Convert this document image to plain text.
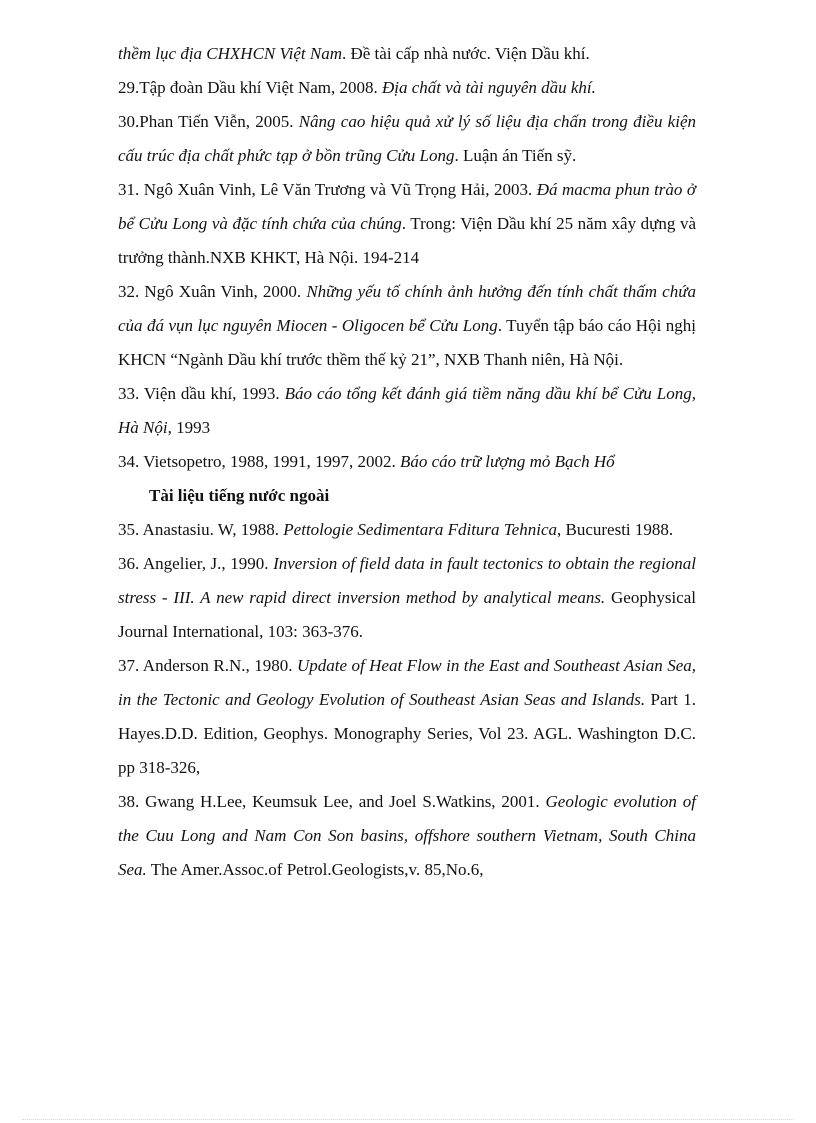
thềm lục địa CHXHCN Việt Nam. Đề tài cấp nhà nước. Viện Dầu khí.

29.Tập đoàn Dầu khí Việt Nam, 2008. Địa chất và tài nguyên dầu khí.

30.Phan Tiến Viễn, 2005. Nâng cao hiệu quả xử lý số liệu địa chấn trong điều kiện cấu trúc địa chất phức tạp ở bồn trũng Cửu Long. Luận án Tiến sỹ.

31. Ngô Xuân Vinh, Lê Văn Trương và Vũ Trọng Hải, 2003. Đá macma phun trào ở bể Cửu Long và đặc tính chứa của chúng. Trong: Viện Dầu khí 25 năm xây dựng và trưởng thành.NXB KHKT, Hà Nội. 194-214

32. Ngô Xuân Vinh, 2000. Những yếu tố chính ảnh hưởng đến tính chất thấm chứa của đá vụn lục nguyên Miocen - Oligocen bể Cửu Long. Tuyển tập báo cáo Hội nghị KHCN “Ngành Dầu khí trước thềm thế kỷ 21”, NXB Thanh niên, Hà Nội.

33. Viện dầu khí, 1993. Báo cáo tổng kết đánh giá tiềm năng dầu khí bể Cửu Long, Hà Nội, 1993

34. Vietsopetro, 1988, 1991, 1997, 2002. Báo cáo trữ lượng mỏ Bạch Hổ

Tài liệu tiếng nước ngoài

35. Anastasiu. W, 1988. Pettologie Sedimentara Fditura Tehnica, Bucuresti 1988.

36. Angelier, J., 1990. Inversion of field data in fault tectonics to obtain the regional stress - III. A new rapid direct inversion method by analytical means. Geophysical Journal International, 103: 363-376.

37. Anderson R.N., 1980. Update of Heat Flow in the East and Southeast Asian Sea, in the Tectonic and Geology Evolution of Southeast Asian Seas and Islands. Part 1. Hayes.D.D. Edition, Geophys. Monography Series, Vol 23. AGL. Washington D.C. pp 318-326,

38. Gwang H.Lee, Keumsuk Lee, and Joel S.Watkins, 2001. Geologic evolution of the Cuu Long and Nam Con Son basins, offshore southern Vietnam, South China Sea. The Amer.Assoc.of Petrol.Geologists,v. 85,No.6,
